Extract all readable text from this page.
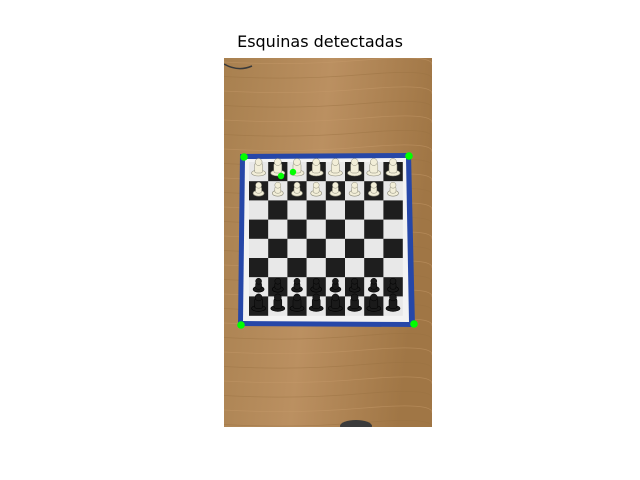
Esquinas detectadas
